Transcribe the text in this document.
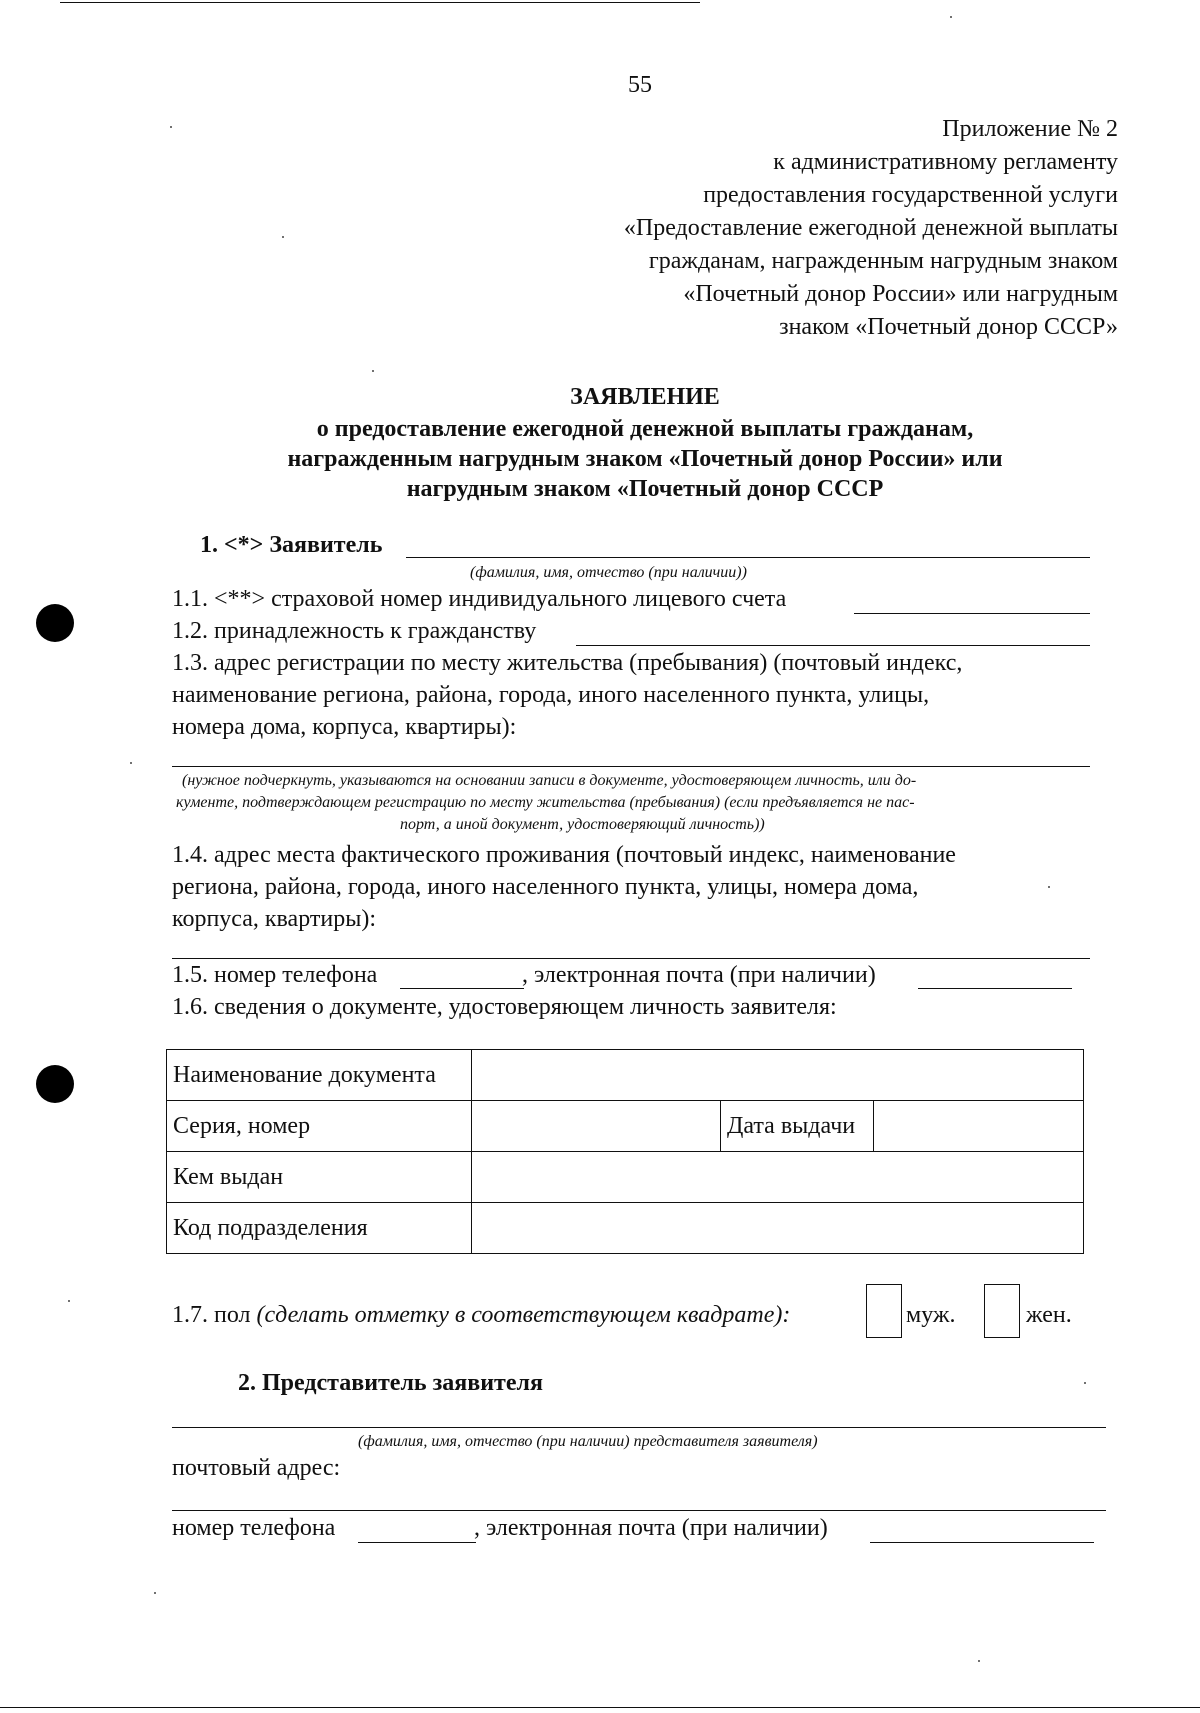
55
Приложение № 2
к административному регламенту
предоставления государственной услуги
«Предоставление ежегодной денежной выплаты
гражданам, награжденным нагрудным знаком
«Почетный донор России» или нагрудным
знаком «Почетный донор СССР»
ЗАЯВЛЕНИЕ
о предоставление ежегодной денежной выплаты гражданам,
награжденным нагрудным знаком «Почетный донор России» или
нагрудным знаком «Почетный донор СССР
1. <*> Заявитель
(фамилия, имя, отчество (при наличии))
1.1. <**> страховой номер индивидуального лицевого счета
1.2. принадлежность к гражданству
1.3. адрес регистрации по месту жительства (пребывания) (почтовый индекс,
наименование региона, района, города, иного населенного пункта, улицы,
номера дома, корпуса, квартиры):
(нужное подчеркнуть, указываются на основании записи в документе, удостоверяющем личность, или до-
кументе, подтверждающем регистрацию по месту жительства (пребывания) (если предъявляется не пас-
порт, а иной документ, удостоверяющий личность))
1.4. адрес места фактического проживания (почтовый индекс, наименование
региона, района, города, иного населенного пункта, улицы, номера дома,
корпуса, квартиры):
1.5. номер телефона	, электронная почта (при наличии)
1.6. сведения о документе, удостоверяющем личность заявителя:
Наименование документа			
Серия, номер		Дата выдачи	
Кем выдан			
Код подразделения			
1.7. пол (сделать отметку в соответствующем квадрате):	муж.	жен.
2. Представитель заявителя
(фамилия, имя, отчество (при наличии) представителя заявителя)
почтовый адрес:
номер телефона	, электронная почта (при наличии)
